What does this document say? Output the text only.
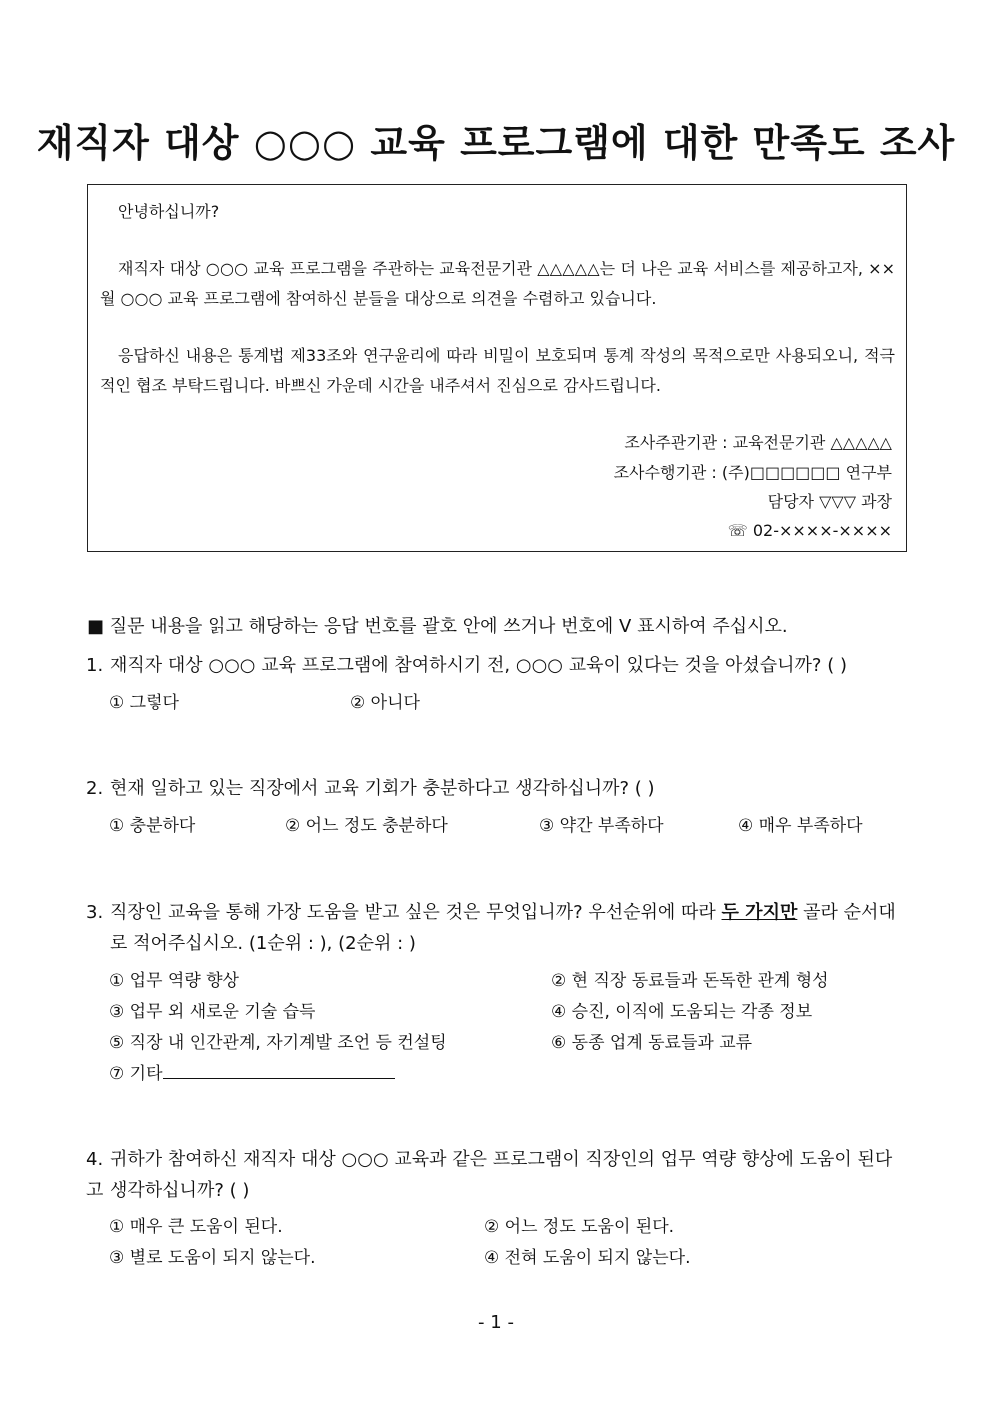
재직자 대상 ○○○ 교육 프로그램에 대한 만족도 조사

안녕하십니까?

재직자 대상 ○○○ 교육 프로그램을 주관하는 교육전문기관 △△△△△는 더 나은 교육 서비스를 제공하고자, ××월 ○○○ 교육 프로그램에 참여하신 분들을 대상으로 의견을 수렴하고 있습니다.

응답하신 내용은 통계법 제33조와 연구윤리에 따라 비밀이 보호되며 통계 작성의 목적으로만 사용되오니, 적극적인 협조 부탁드립니다. 바쁘신 가운데 시간을 내주셔서 진심으로 감사드립니다.

조사주관기관 : 교육전문기관 △△△△△

조사수행기관 : (주)□□□□□□ 연구부

담당자 ▽▽▽ 과장

☏ 02-××××-××××

■ 질문 내용을 읽고 해당하는 응답 번호를 괄호 안에 쓰거나 번호에 V 표시하여 주십시오.

1. 재직자 대상 ○○○ 교육 프로그램에 참여하시기 전, ○○○ 교육이 있다는 것을 아셨습니까? ( )

① 그렇다	② 아니다

2. 현재 일하고 있는 직장에서 교육 기회가 충분하다고 생각하십니까? ( )

① 충분하다	② 어느 정도 충분하다	③ 약간 부족하다	④ 매우 부족하다

3. 직장인 교육을 통해 가장 도움을 받고 싶은 것은 무엇입니까? 우선순위에 따라 두 가지만 골라 순서대

로 적어주십시오. (1순위 : ), (2순위 : )

① 업무 역량 향상	② 현 직장 동료들과 돈독한 관계 형성

③ 업무 외 새로운 기술 습득	④ 승진, 이직에 도움되는 각종 정보

⑤ 직장 내 인간관계, 자기계발 조언 등 컨설팅	⑥ 동종 업계 동료들과 교류

⑦ 기타

4. 귀하가 참여하신 재직자 대상 ○○○ 교육과 같은 프로그램이 직장인의 업무 역량 향상에 도움이 된다고 생각하십니까? ( )

① 매우 큰 도움이 된다.	② 어느 정도 도움이 된다.

③ 별로 도움이 되지 않는다.	④ 전혀 도움이 되지 않는다.

- 1 -
